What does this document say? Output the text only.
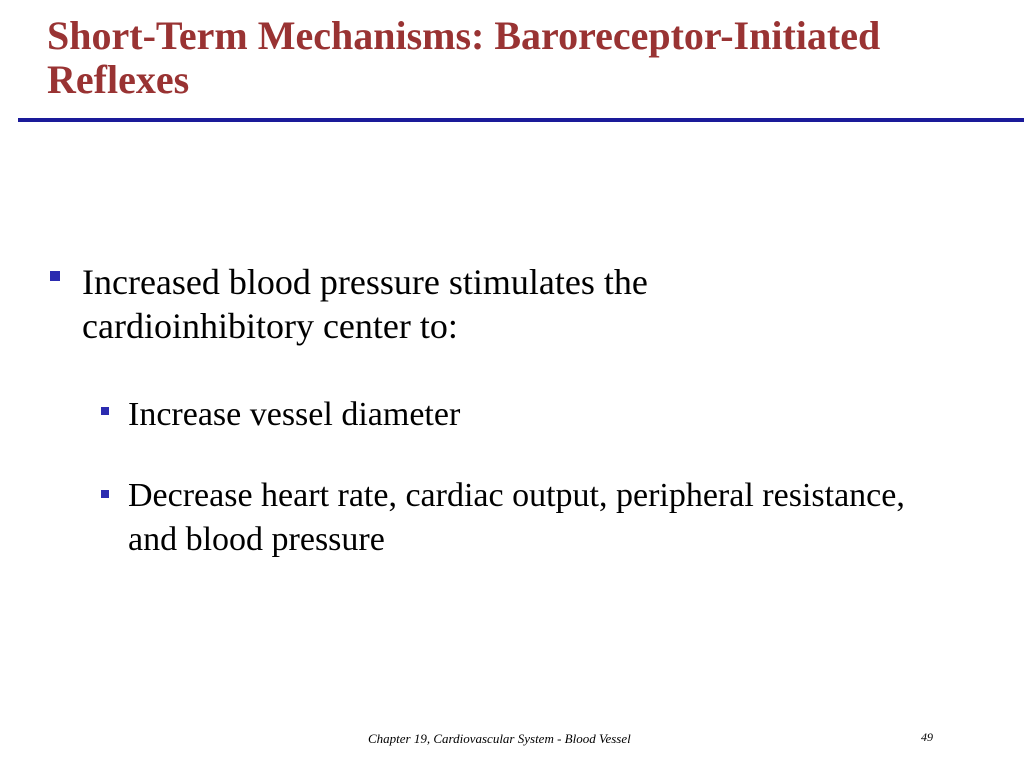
Short-Term Mechanisms: Baroreceptor-Initiated Reflexes
Increased blood pressure stimulates the cardioinhibitory center to:
Increase vessel diameter
Decrease heart rate, cardiac output, peripheral resistance, and blood pressure
Chapter 19, Cardiovascular System - Blood Vessel	49
